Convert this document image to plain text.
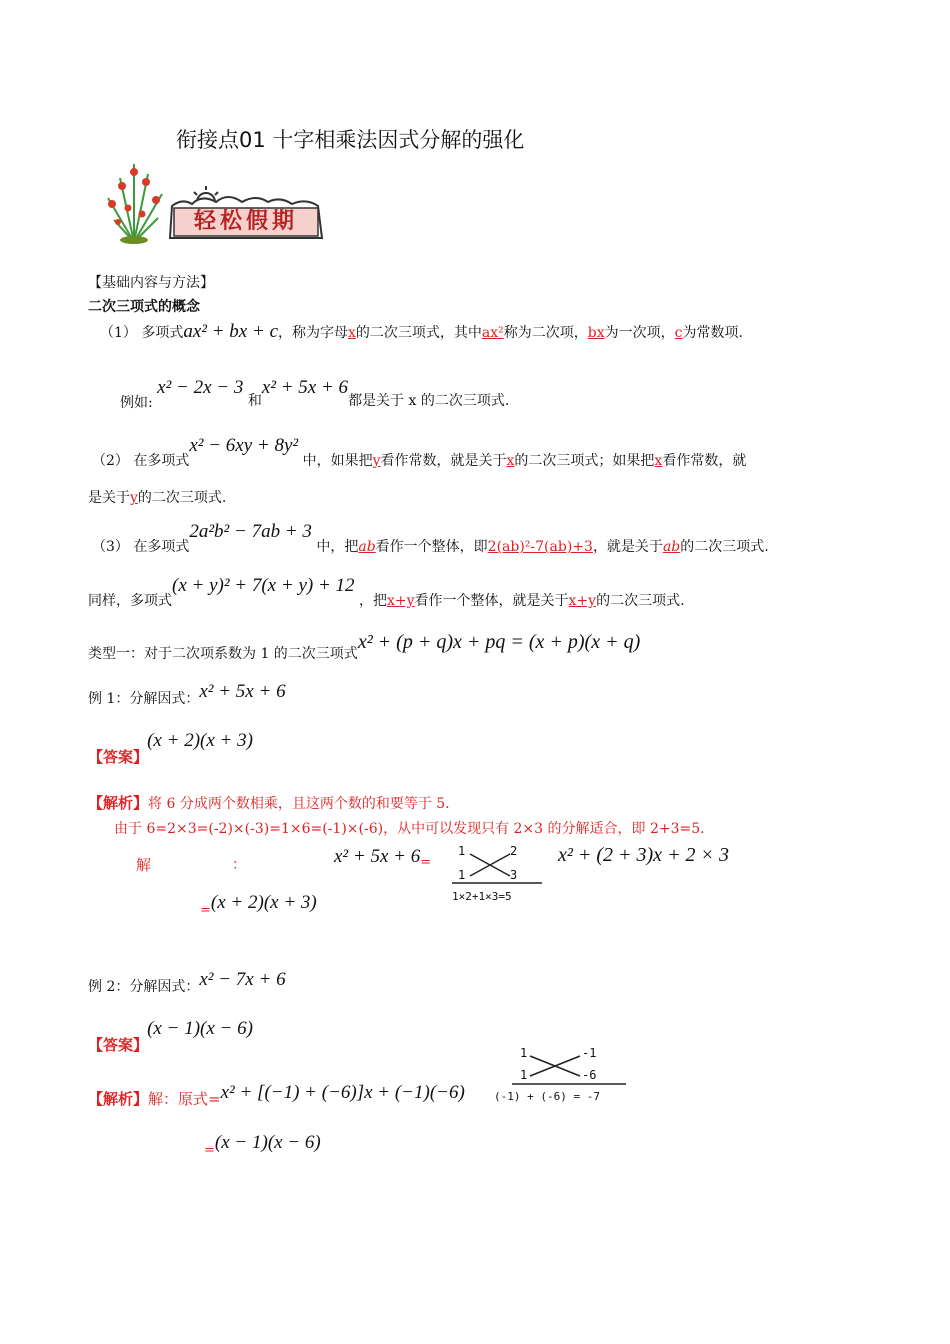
衔接点01 十字相乘法因式分解的强化
轻松假期
【基础内容与方法】
二次三项式的概念
（1） 多项式ax² + bx + c，称为字母x的二次三项式，其中ax²称为二次项，bx为一次项，c为常数项.
例如: x² − 2x − 3 和x² + 5x + 6都是关于 x 的二次三项式.
（2） 在多项式x² − 6xy + 8y² 中，如果把y看作常数，就是关于x的二次三项式；如果把x看作常数，就
是关于y的二次三项式.
（3） 在多项式2a²b² − 7ab + 3 中，把ab看作一个整体，即2(ab)²-7(ab)+3，就是关于ab的二次三项式.
同样，多项式(x + y)² + 7(x + y) + 12 ，把x+y看作一个整体，就是关于x+y的二次三项式.
类型一：对于二次项系数为 1 的二次三项式x² + (p + q)x + pq = (x + p)(x + q)
例 1：分解因式：x² + 5x + 6
【答案】 (x + 2)(x + 3)
【解析】将 6 分成两个数相乘，且这两个数的和要等于 5.
由于 6=2×3=(-2)×(-3)=1×6=(-1)×(-6)，从中可以发现只有 2×3 的分解适合，即 2+3=5.
解	：	$x^2 + 5x + 6_=$
1	2
1	3
1×2+1×3=5
x² + (2 + 3)x + 2 × 3
$_=$(x + 2)(x + 3)
例 2：分解因式：x² − 7x + 6
【答案】 (x − 1)(x − 6)
1	-1
1	-6
(-1) + (-6) = -7
【解析】解：原式=x² + [(−1) + (−6)]x + (−1)(−6)
$_=$(x − 1)(x − 6)
